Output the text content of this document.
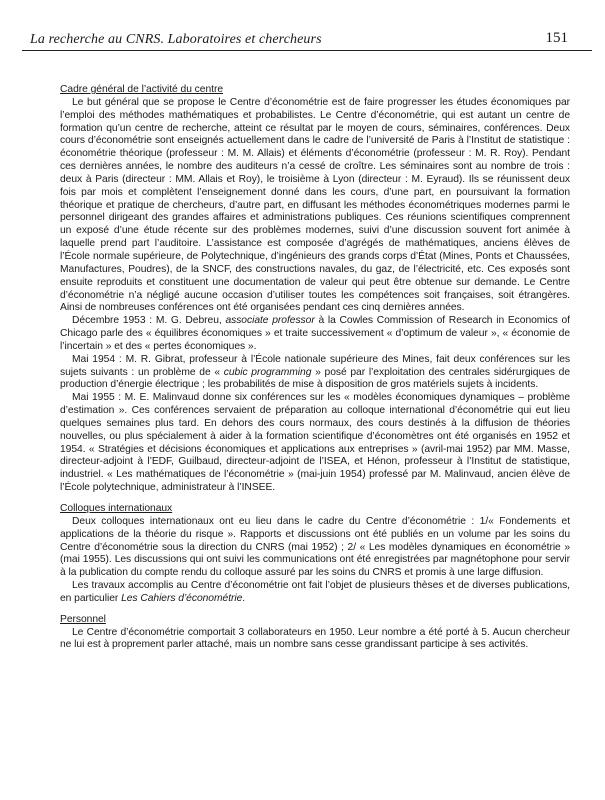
La recherche au CNRS. Laboratoires et chercheurs	151

Cadre général de l’activité du centre

Le but général que se propose le Centre d’économétrie est de faire progresser les études économiques par l’emploi des méthodes mathématiques et probabilistes. Le Centre d’économétrie, qui est autant un centre de formation qu’un centre de recherche, atteint ce résultat par le moyen de cours, séminaires, conférences. Deux cours d’économétrie sont enseignés actuellement dans le cadre de l’université de Paris à l’Institut de statistique : économétrie théorique (professeur : M. M. Allais) et éléments d’économétrie (professeur : M. R. Roy). Pendant ces dernières années, le nombre des auditeurs n’a cessé de croître. Les séminaires sont au nombre de trois : deux à Paris (directeur : MM. Allais et Roy), le troisième à Lyon (directeur : M. Eyraud). Ils se réunissent deux fois par mois et complètent l’enseignement donné dans les cours, d’une part, en poursuivant la formation théorique et pratique de chercheurs, d’autre part, en diffusant les méthodes économétriques modernes parmi le personnel dirigeant des grandes affaires et administrations publiques. Ces réunions scientifiques comprennent un exposé d’une étude récente sur des problèmes modernes, suivi d’une discussion souvent fort animée à laquelle prend part l’auditoire. L’assistance est composée d’agrégés de mathématiques, anciens élèves de l’École normale supérieure, de Polytechnique, d’ingénieurs des grands corps d’État (Mines, Ponts et Chaussées, Manufactures, Poudres), de la SNCF, des constructions navales, du gaz, de l’électricité, etc. Ces exposés sont ensuite reproduits et constituent une documentation de valeur qui peut être obtenue sur demande. Le Centre d’économétrie n’a négligé aucune occasion d’utiliser toutes les compétences soit françaises, soit étrangères. Ainsi de nombreuses conférences ont été organisées pendant ces cinq dernières années.

Décembre 1953 : M. G. Debreu, associate professor à la Cowles Commission of Research in Economics of Chicago parle des « équilibres économiques » et traite successivement « d’optimum de valeur », « économie de l’incertain » et des « pertes économiques ».

Mai 1954 : M. R. Gibrat, professeur à l’École nationale supérieure des Mines, fait deux conférences sur les sujets suivants : un problème de « cubic programming » posé par l’exploitation des centrales sidérurgiques de production d’énergie électrique ; les probabilités de mise à disposition de gros matériels sujets à incidents.

Mai 1955 : M. E. Malinvaud donne six conférences sur les « modèles économiques dynamiques – problème d’estimation ». Ces conférences servaient de préparation au colloque international d’économétrie qui eut lieu quelques semaines plus tard. En dehors des cours normaux, des cours destinés à la diffusion de théories nouvelles, ou plus spécialement à aider à la formation scientifique d’économètres ont été organisés en 1952 et 1954. « Stratégies et décisions économiques et applications aux entreprises » (avril-mai 1952) par MM. Masse, directeur-adjoint à l’EDF, Guilbaud, directeur-adjoint de l’ISEA, et Hénon, professeur à l’Institut de statistique, industriel. « Les mathématiques de l’économétrie » (mai-juin 1954) professé par M. Malinvaud, ancien élève de l’École polytechnique, administrateur à l’INSEE.

Colloques internationaux

Deux colloques internationaux ont eu lieu dans le cadre du Centre d’économétrie : 1/« Fondements et applications de la théorie du risque ». Rapports et discussions ont été publiés en un volume par les soins du Centre d’économétrie sous la direction du CNRS (mai 1952) ; 2/ « Les modèles dynamiques en économétrie » (mai 1955). Les discussions qui ont suivi les communications ont été enregistrées par magnétophone pour servir à la publication du compte rendu du colloque assuré par les soins du CNRS et promis à une large diffusion.

Les travaux accomplis au Centre d’économétrie ont fait l’objet de plusieurs thèses et de diverses publications, en particulier Les Cahiers d’économétrie.

Personnel

Le Centre d’économétrie comportait 3 collaborateurs en 1950. Leur nombre a été porté à 5. Aucun chercheur ne lui est à proprement parler attaché, mais un nombre sans cesse grandissant participe à ses activités.
